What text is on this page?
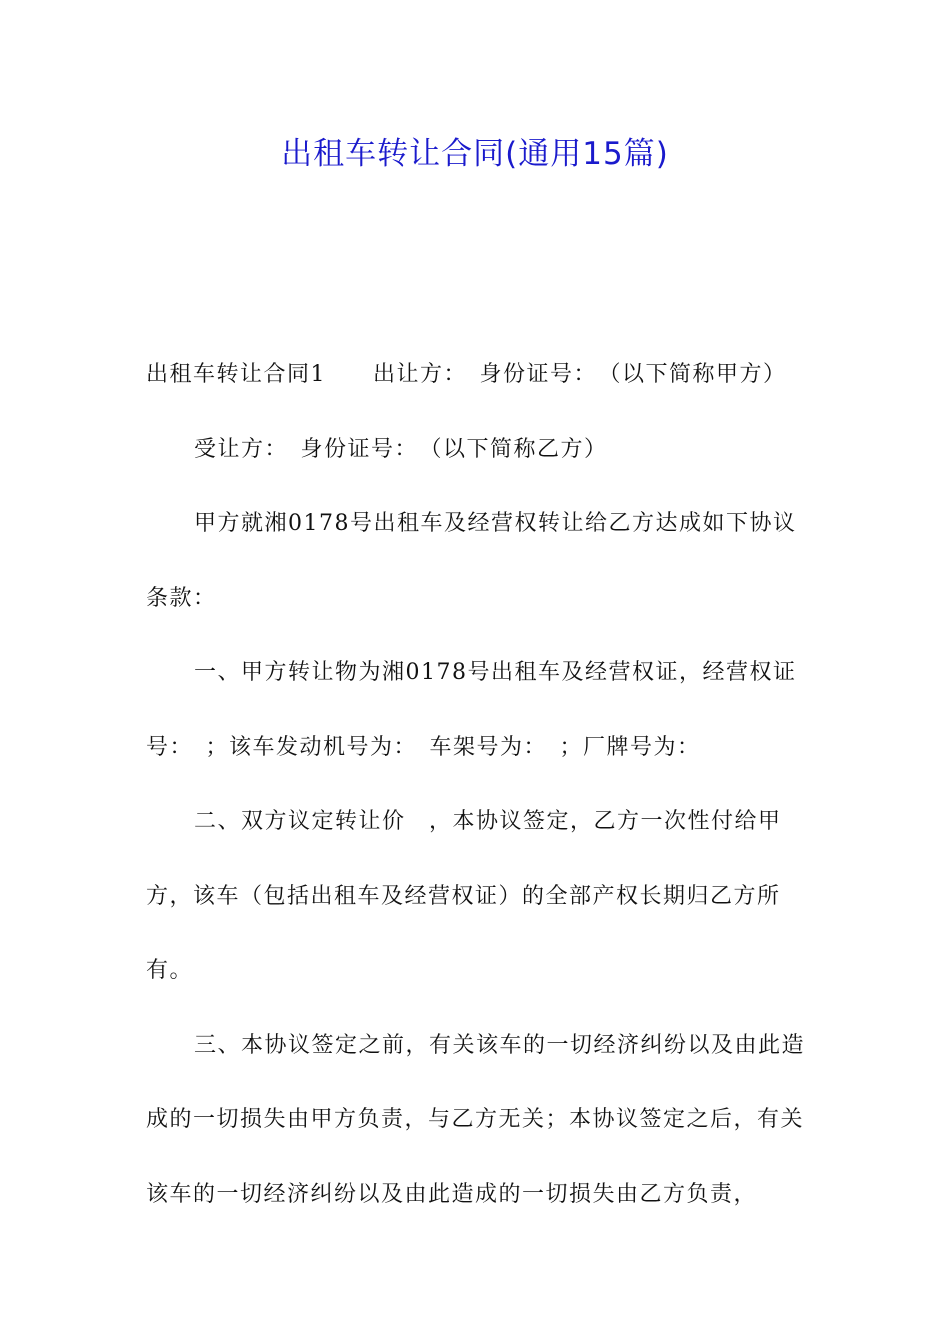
出租车转让合同(通用15篇)

出租车转让合同1　　出让方：　身份证号：　（以下简称甲方）

受让方：　身份证号：　（以下简称乙方）

甲方就湘0178号出租车及经营权转让给乙方达成如下协议条款：

一、甲方转让物为湘0178号出租车及经营权证，经营权证号：　；该车发动机号为：　车架号为：　；厂牌号为：

二、双方议定转让价　，本协议签定，乙方一次性付给甲方，该车（包括出租车及经营权证）的全部产权长期归乙方所有。

三、本协议签定之前，有关该车的一切经济纠纷以及由此造成的一切损失由甲方负责，与乙方无关；本协议签定之后，有关该车的一切经济纠纷以及由此造成的一切损失由乙方负责，
